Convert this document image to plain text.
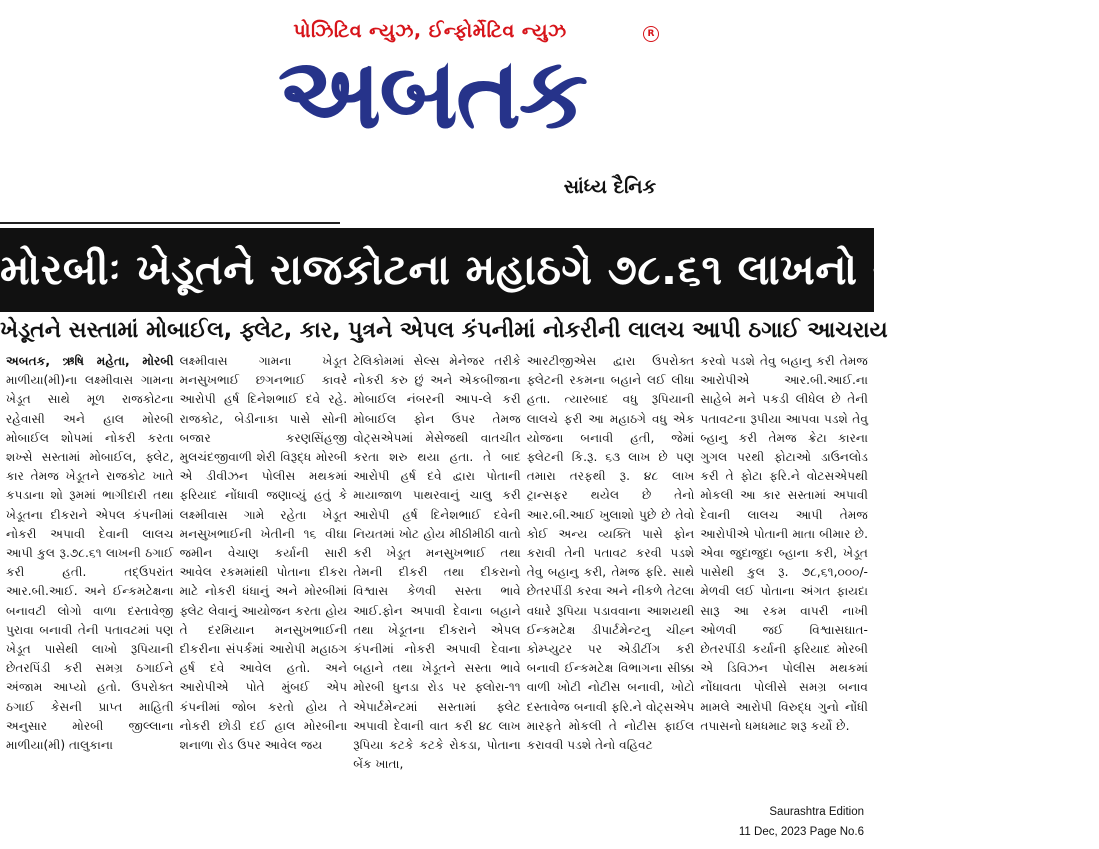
પોઝિટિવ ન્યુઝ, ઈન્ફોર્મેટિવ ન્યુઝ	R
અબતક
સાંધ્ય દૈનિક
મોરબીઃ ખેડૂતને રાજકોટના મહાઠગે ૭૮.૬૧ લાખનો ચૂનો ચોપડ્યો
ખેડૂતને સસ્તામાં મોબાઈલ, ફ્લેટ, કાર, પુત્રને એપલ કંપનીમાં નોકરીની લાલચ આપી ઠગાઈ આચરાય
અબતક, ઋષિ મહેતા, મોરબી માળીયા(મી)ના લક્ષ્મીવાસ ગામના ખેડૂત સાથે મૂળ રાજકોટના રહેવાસી અને હાલ મોરબી મોબાઈલ શોપમાં નોકરી કરતા શખ્સે સસ્તામાં મોબાઈલ, ફ્લેટ, કાર તેમજ ખેડૂતને રાજકોટ ખાતે કપડાના શો રૂમમાં ભાગીદારી તથા ખેડૂતના દીકરાને એપલ કંપનીમાં નોકરી અપાવી દેવાની લાલચ આપી કુલ રૂ.૭૮.૬૧ લાખની ઠગાઈ કરી હતી. તદ્ઉપરાંત આર.બી.આઈ. અને ઈન્કમટેક્ષના બનાવટી લોગો વાળા દસ્તાવેજી પુરાવા બનાવી તેની પતાવટમાં પણ ખેડૂત પાસેથી લાખો રૂપિયાની છેતરપિંડી કરી સમગ્ર ઠગાઈને અંજામ આપ્યો હતો. ઉપરોક્ત ઠગાઈ કેસની પ્રાપ્ત માહિતી અનુસાર મોરબી જીલ્લાના માળીયા(મી) તાલુકાના
લક્ષ્મીવાસ ગામના ખેડૂત મનસુખભાઈ છગનભાઈ કાવરે આરોપી હર્ષ દિનેશભાઈ દવે રહે. રાજકોટ, બેડીનાકા પાસે સોની બજાર કરણસિંહજી મુલચંદજીવાળી શેરી વિરૂદ્ધ મોરબી એ ડીવીઝન પોલીસ મથકમાં ફરિયાદ નોંધાવી જણાવ્યું હતું કે લક્ષ્મીવાસ ગામે રહેતા ખેડૂત મનસુખભાઈની ખેતીની ૧૬ વીઘા જમીન વેચાણ કર્યાની સારી આવેલ રકમમાંથી પોતાના દીકરા માટે નોકરી ધંધાનું અને મોરબીમાં ફ્લેટ લેવાનું આયોજન કરતા હોય તે દરમિયાન મનસુખભાઈની દીકરીના સંપર્કમાં આરોપી મહાઠગ હર્ષ દવે આવેલ હતો. અને આરોપીએ પોતે મુંબઈ એપ કંપનીમાં જોબ કરતો હોય તે નોકરી છોડી દઈ હાલ મોરબીના શનાળા રોડ ઉપર આવેલ જય
ટેલિકોમમાં સેલ્સ મેનેજર તરીકે નોકરી કરુ છું અને એકબીજાના મોબાઈલ નંબરની આપ-લે કરી મોબાઈલ ફોન ઉપર તેમજ વોટ્સએપમાં મેસેજથી વાતચીત કરતા શરુ થયા હતા. તે બાદ આરોપી હર્ષ દવે દ્વારા પોતાની માયાજાળ પાથરવાનું ચાલુ કરી આરોપી હર્ષ દિનેશભાઈ દવેની નિયતમાં ખોટ હોય મીઠીમીઠી વાતો કરી ખેડૂત મનસુખભાઈ તથા તેમની દીકરી તથા દીકરાનો વિશ્વાસ કેળવી સસ્તા ભાવે આઈ.ફોન અપાવી દેવાના બહાને તથા ખેડૂતના દીકરાને એપલ કંપનીમાં નોકરી અપાવી દેવાના બહાને તથા ખેડૂતને સસ્તા ભાવે મોરબી ધુનડા રોડ પર ફ્લોરા-૧૧ એપાર્ટમેન્ટમાં સસ્તામાં ફ્લેટ અપાવી દેવાની વાત કરી ૪૮ લાખ રૂપિયા કટકે કટકે રોકડા, પોતાના બેંક ખાતા,
આરટીજીએસ દ્વારા ઉપરોક્ત ફ્લેટની રકમના બહાને લઈ લીધા હતા. ત્યારબાદ વધુ રૂપિયાની લાલચે ફરી આ મહાઠગે વધુ એક યોજના બનાવી હતી, જેમાં ફ્લેટની કિ.રૂ. ૬૩ લાખ છે પણ તમારા તરફથી રૂ. ૪૮ લાખ ટ્રાન્સફર થયેલ છે તેનો આર.બી.આઈ ખુલાશો પુછે છે તેવો કોઈ અન્ય વ્યક્તિ પાસે ફોન કરાવી તેની પતાવટ કરવી પડશે તેવુ બહાનુ કરી, તેમજ ફરિ. સાથે છેતરપીંડી કરવા અને નીકળે તેટલા વધારે રૂપિયા પડાવવાના આશયથી ઈન્કમટેક્ષ ડીપાર્ટમેન્ટનુ ચીહ્ન કોમ્પ્યુટર પર એડીટીંગ કરી બનાવી ઈન્કમટેક્ષ વિભાગના સીક્કા વાળી ખોટી નોટીસ બનાવી, ખોટો દસ્તાવેજ બનાવી ફરિ.ને વોટ્સએપ મારફતે મોકલી તે નોટીસ ફાઈલ કરાવવી પડશે તેનો વહિવટ
કરવો પડશે તેવુ બહાનુ કરી તેમજ આરોપીએ આર.બી.આઈ.ના સાહેબે મને પકડી લીધેલ છે તેની પતાવટના રૂપીયા આપવા પડશે તેવુ બ્હાનુ કરી તેમજ ક્રેટા કારના ગુગલ પરથી ફોટાઓ ડાઉનલોડ કરી તે ફોટા ફરિ.ને વોટસએપથી મોકલી આ કાર સસ્તામાં અપાવી દેવાની લાલચ આપી તેમજ આરોપીએ પોતાની માતા બીમાર છે. એવા જુદાજુદા બ્હાના કરી, ખેડૂત પાસેથી કુલ રૂ. ૭૮,૬૧,૦૦૦/- મેળવી લઈ પોતાના અંગત ફાયદા સારૂ આ રકમ વાપરી નાખી ઓળવી જઈ વિશ્વાસઘાત-છેતરપીંડી કર્યાની ફરિયાદ મોરબી એ ડિવિઝન પોલીસ મથકમાં નોંધાવતા પોલીસે સમગ્ર બનાવ મામલે આરોપી વિરુદ્ધ ગુનો નોંધી તપાસનો ધમધમાટ શરૂ કર્યો છે.
Saurashtra Edition
11 Dec, 2023 Page No.6
